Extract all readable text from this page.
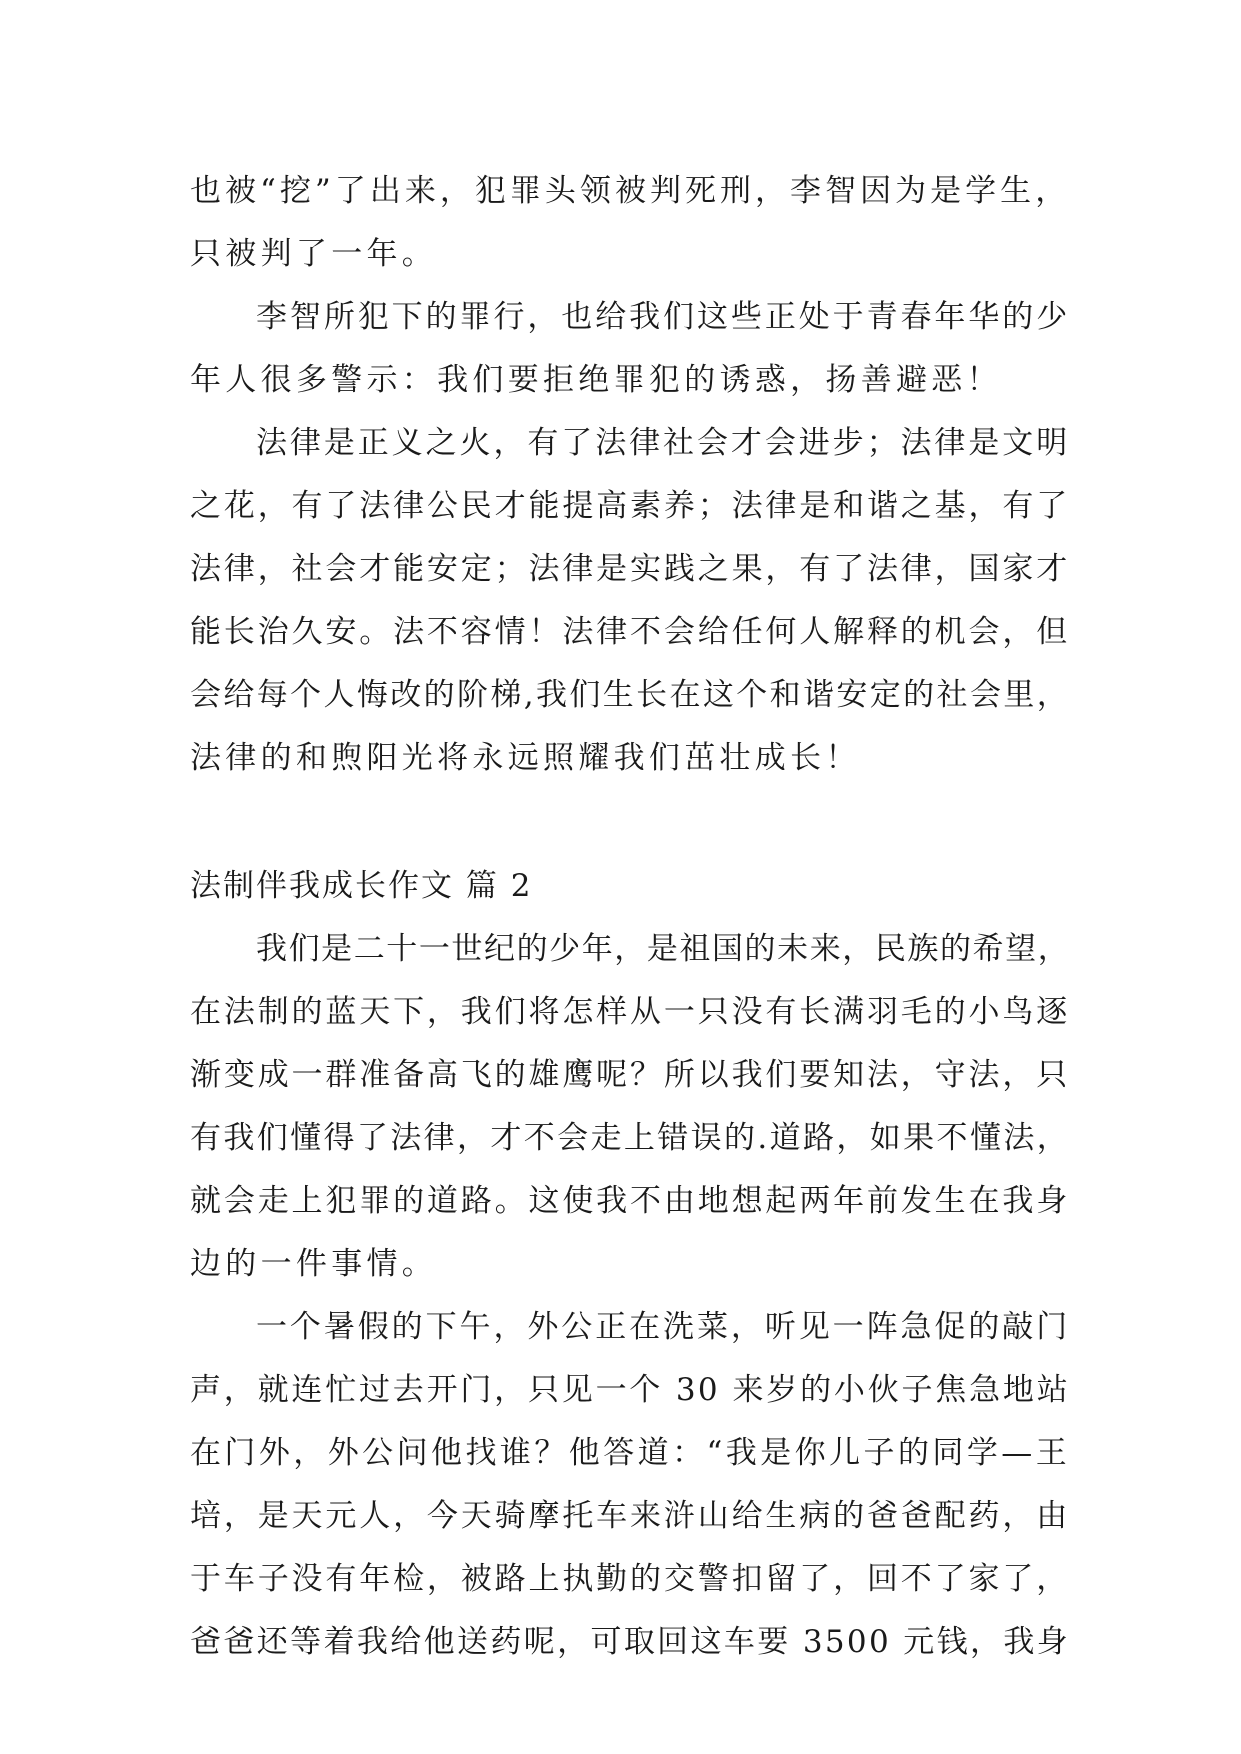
也被“挖”了出来，犯罪头领被判死刑，李智因为是学生，
只被判了一年。
李智所犯下的罪行，也给我们这些正处于青春年华的少
年人很多警示：我们要拒绝罪犯的诱惑，扬善避恶！
法律是正义之火，有了法律社会才会进步；法律是文明
之花，有了法律公民才能提高素养；法律是和谐之基，有了
法律，社会才能安定；法律是实践之果，有了法律，国家才
能长治久安。法不容情！法律不会给任何人解释的机会，但
会给每个人悔改的阶梯,我们生长在这个和谐安定的社会里，
法律的和煦阳光将永远照耀我们茁壮成长！
法制伴我成长作文 篇 2
我们是二十一世纪的少年，是祖国的未来，民族的希望，
在法制的蓝天下，我们将怎样从一只没有长满羽毛的小鸟逐
渐变成一群准备高飞的雄鹰呢？所以我们要知法，守法，只
有我们懂得了法律，才不会走上错误的.道路，如果不懂法，
就会走上犯罪的道路。这使我不由地想起两年前发生在我身
边的一件事情。
一个暑假的下午，外公正在洗菜，听见一阵急促的敲门
声，就连忙过去开门，只见一个 30 来岁的小伙子焦急地站
在门外，外公问他找谁？他答道：“我是你儿子的同学—王
培，是天元人，今天骑摩托车来浒山给生病的爸爸配药，由
于车子没有年检，被路上执勤的交警扣留了，回不了家了，
爸爸还等着我给他送药呢，可取回这车要 3500 元钱，我身
